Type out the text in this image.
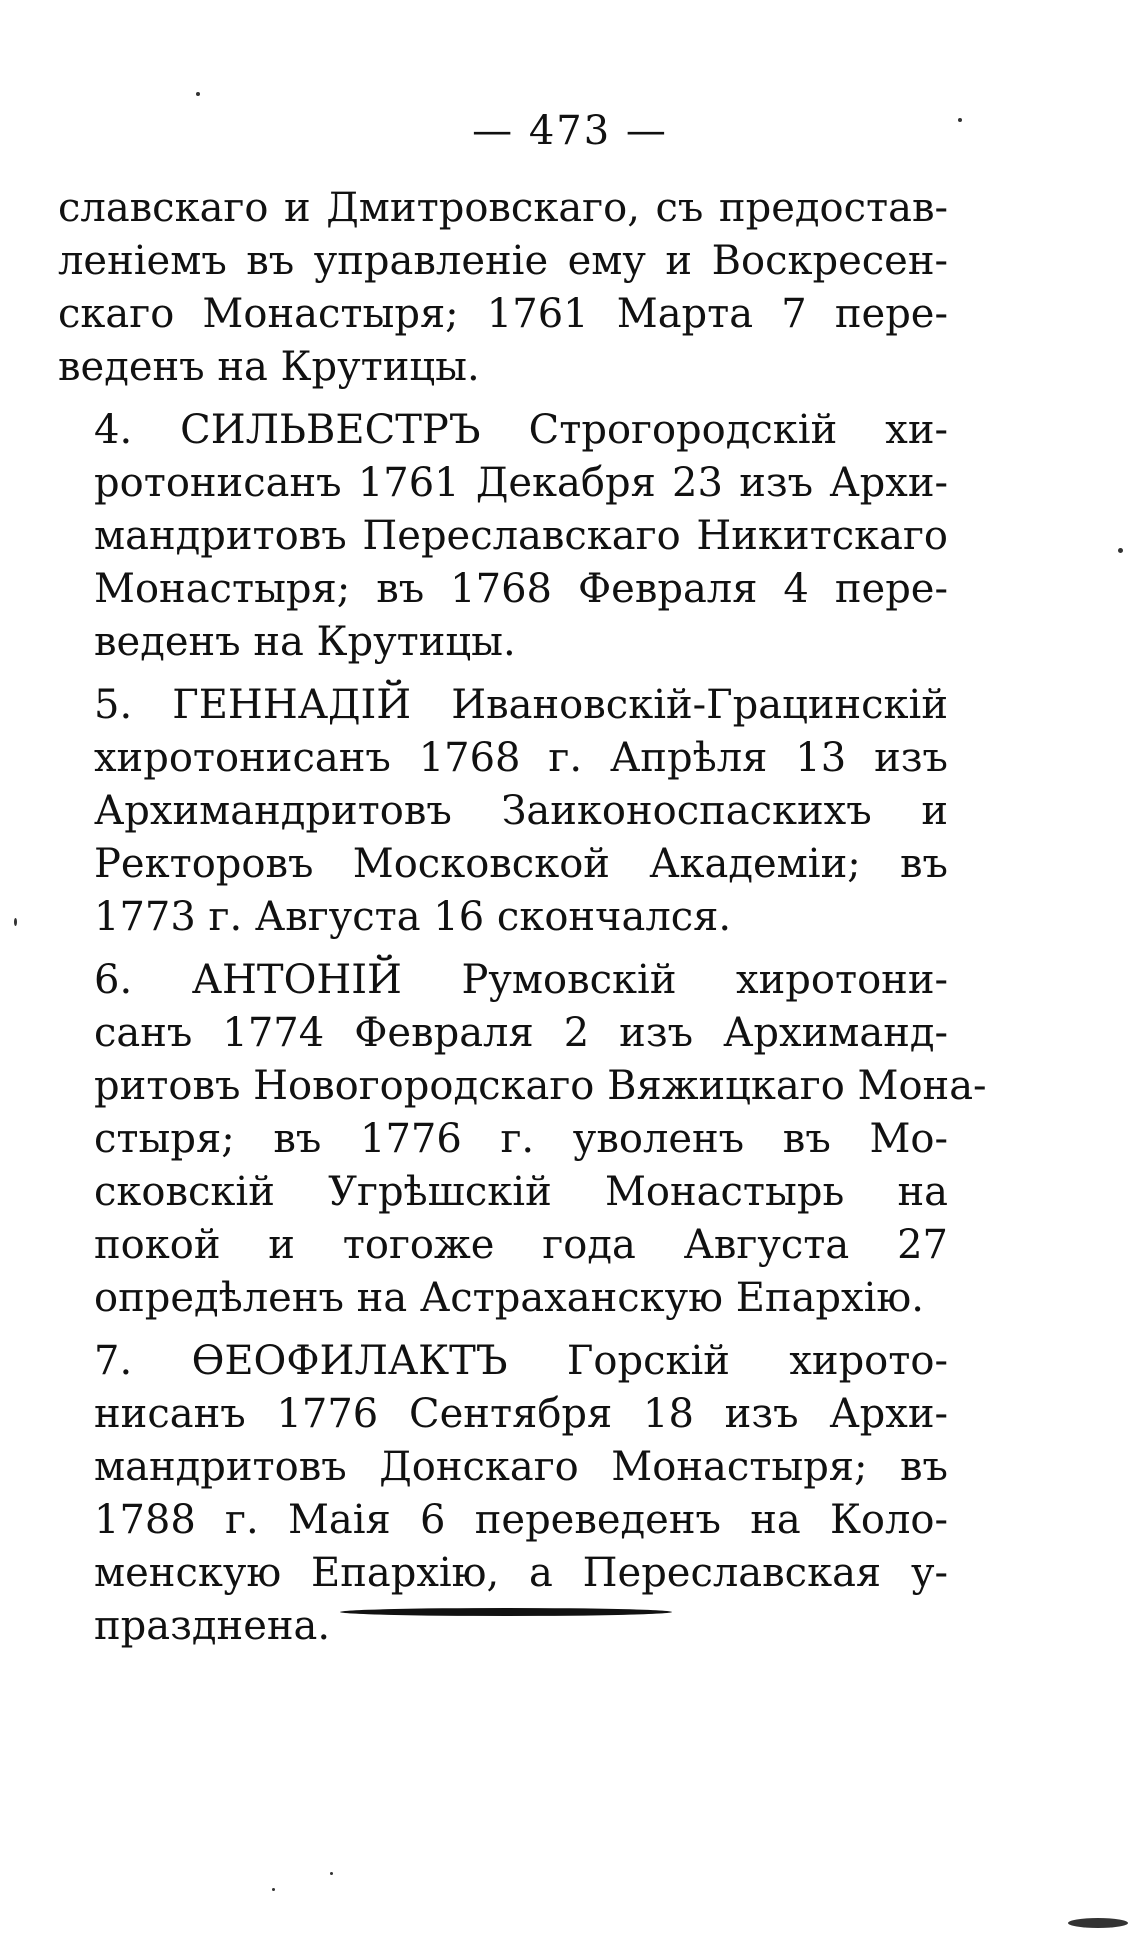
— 473 —

славскаго и Дмитровскаго, съ предостав-
леніемъ въ управленіе ему и Воскресен-
скаго Монастыря; 1761 Марта 7 пере-
веденъ на Крутицы.

4. СИЛЬВЕСТРЪ Строгородскій хи-
ротонисанъ 1761 Декабря 23 изъ Архи-
мандритовъ Переславскаго Никитскаго
Монастыря; въ 1768 Февраля 4 пере-
веденъ на Крутицы.

5. ГЕННАДІЙ Ивановскій-Грацинскій
хиротонисанъ 1768 г. Апрѣля 13 изъ
Архимандритовъ Заиконоспаскихъ и
Ректоровъ Московской Академіи; въ
1773 г. Августа 16 скончался.

6. АНТОНІЙ Румовскій хиротони-
санъ 1774 Февраля 2 изъ Архиманд-
ритовъ Новогородскаго Вяжицкаго Мона-
стыря; въ 1776 г. уволенъ въ Мо-
сковскій Угрѣшскій Монастырь на
покой и тогоже года Августа 27
опредѣленъ на Астраханскую Епархію.

7. ѲЕОФИЛАКТЪ Горскій хирото-
нисанъ 1776 Сентября 18 изъ Архи-
мандритовъ Донскаго Монастыря; въ
1788 г. Маія 6 переведенъ на Коло-
менскую Епархію, а Переславская у-
празднена.
